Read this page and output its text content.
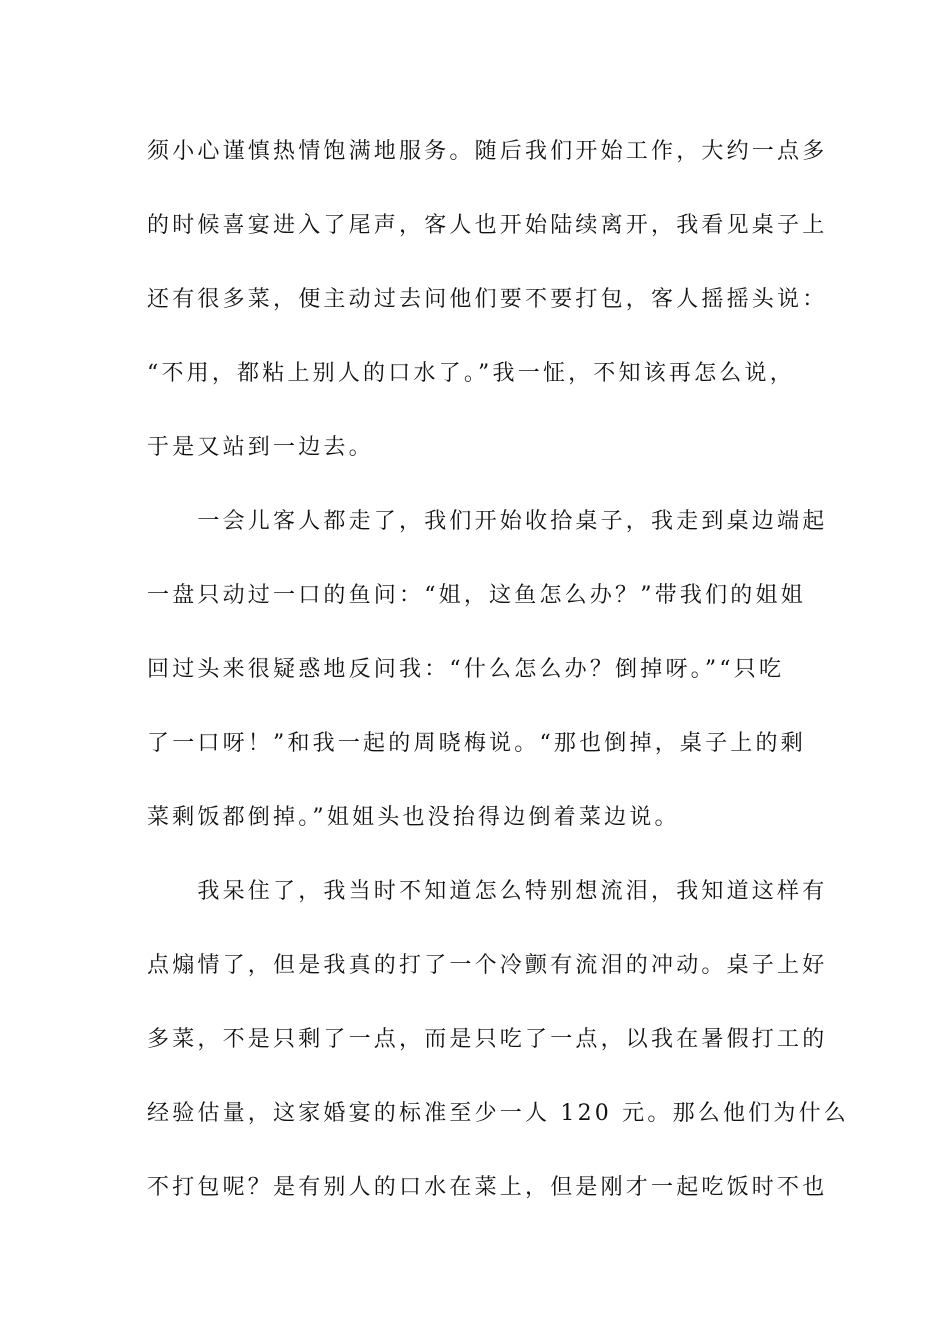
须小心谨慎热情饱满地服务。随后我们开始工作，大约一点多
的时候喜宴进入了尾声，客人也开始陆续离开，我看见桌子上
还有很多菜，便主动过去问他们要不要打包，客人摇摇头说：
“不用，都粘上别人的口水了。”我一怔，不知该再怎么说，
于是又站到一边去。
　　一会儿客人都走了，我们开始收拾桌子，我走到桌边端起
一盘只动过一口的鱼问：“姐，这鱼怎么办？”带我们的姐姐
回过头来很疑惑地反问我：“什么怎么办？倒掉呀。”“只吃
了一口呀！”和我一起的周晓梅说。“那也倒掉，桌子上的剩
菜剩饭都倒掉。”姐姐头也没抬得边倒着菜边说。
　　我呆住了，我当时不知道怎么特别想流泪，我知道这样有
点煽情了，但是我真的打了一个冷颤有流泪的冲动。桌子上好
多菜，不是只剩了一点，而是只吃了一点，以我在暑假打工的
经验估量，这家婚宴的标准至少一人 120 元。那么他们为什么
不打包呢？是有别人的口水在菜上，但是刚才一起吃饭时不也
